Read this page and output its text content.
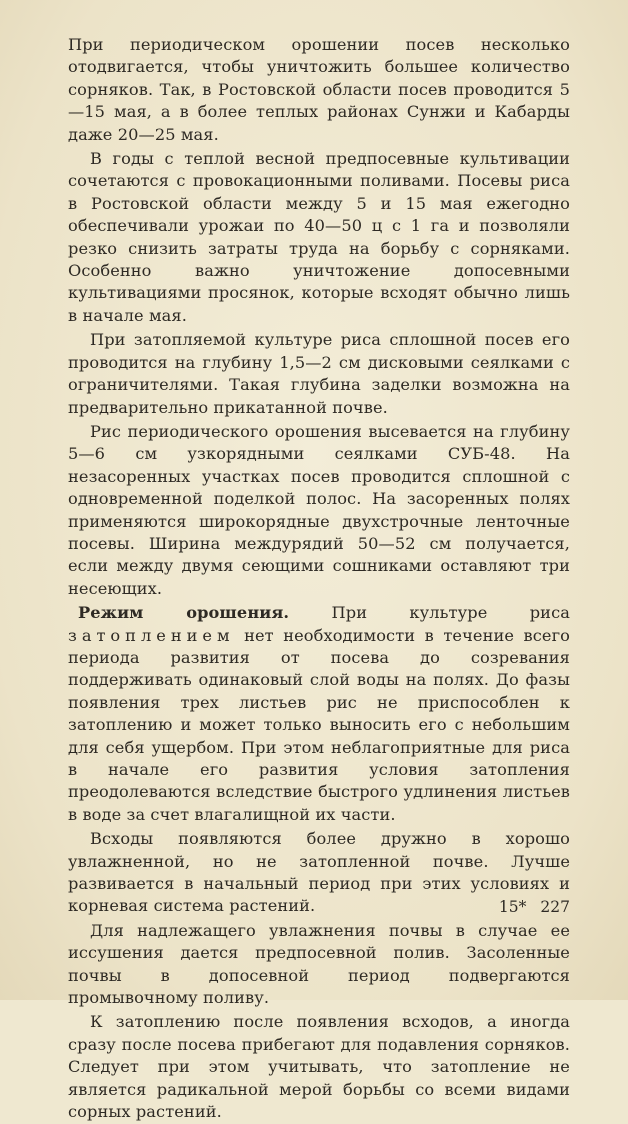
При периодическом орошении посев несколько отодвигается, чтобы уничтожить большее количество сорняков. Так, в Ростовской области посев проводится 5—15 мая, а в более теплых районах Сунжи и Кабарды даже 20—25 мая.

В годы с теплой весной предпосевные культивации сочетаются с провокационными поливами. Посевы риса в Ростовской области между 5 и 15 мая ежегодно обеспечивали урожаи по 40—50 ц с 1 га и позволяли резко снизить затраты труда на борьбу с сорняками. Особенно важно уничтожение допосевными культивациями просянок, которые всходят обычно лишь в начале мая.

При затопляемой культуре риса сплошной посев его проводится на глубину 1,5—2 см дисковыми сеялками с ограничителями. Такая глубина заделки возможна на предварительно прикатанной почве.

Рис периодического орошения высевается на глубину 5—6 см узкорядными сеялками СУБ-48. На незасоренных участках посев проводится сплошной с одновременной поделкой полос. На засоренных полях применяются широкорядные двухстрочные ленточные посевы. Ширина междурядий 50—52 см получается, если между двумя сеющими сошниками оставляют три несеющих.

Режим орошения.	При культуре риса затоплением нет необходимости в течение всего периода развития от посева до созревания поддерживать одинаковый слой воды на полях. До фазы появления трех листьев рис не приспособлен к затоплению и может только выносить его с небольшим для себя ущербом. При этом неблагоприятные для риса в начале его развития условия затопления преодолеваются вследствие быстрого удлинения листьев в воде за счет влагалищной их части.

Всходы появляются более дружно в хорошо увлажненной, но не затопленной почве. Лучше развивается в начальный период при этих условиях и корневая система растений.

Для надлежащего увлажнения почвы в случае ее иссушения дается предпосевной полив. Засоленные почвы в допосевной период подвергаются промывочному поливу.

К затоплению после появления всходов, а иногда сразу после посева прибегают для подавления сорняков. Следует при этом учитывать, что затопление не является радикальной мерой борьбы со всеми видами сорных растений.

15* 227
